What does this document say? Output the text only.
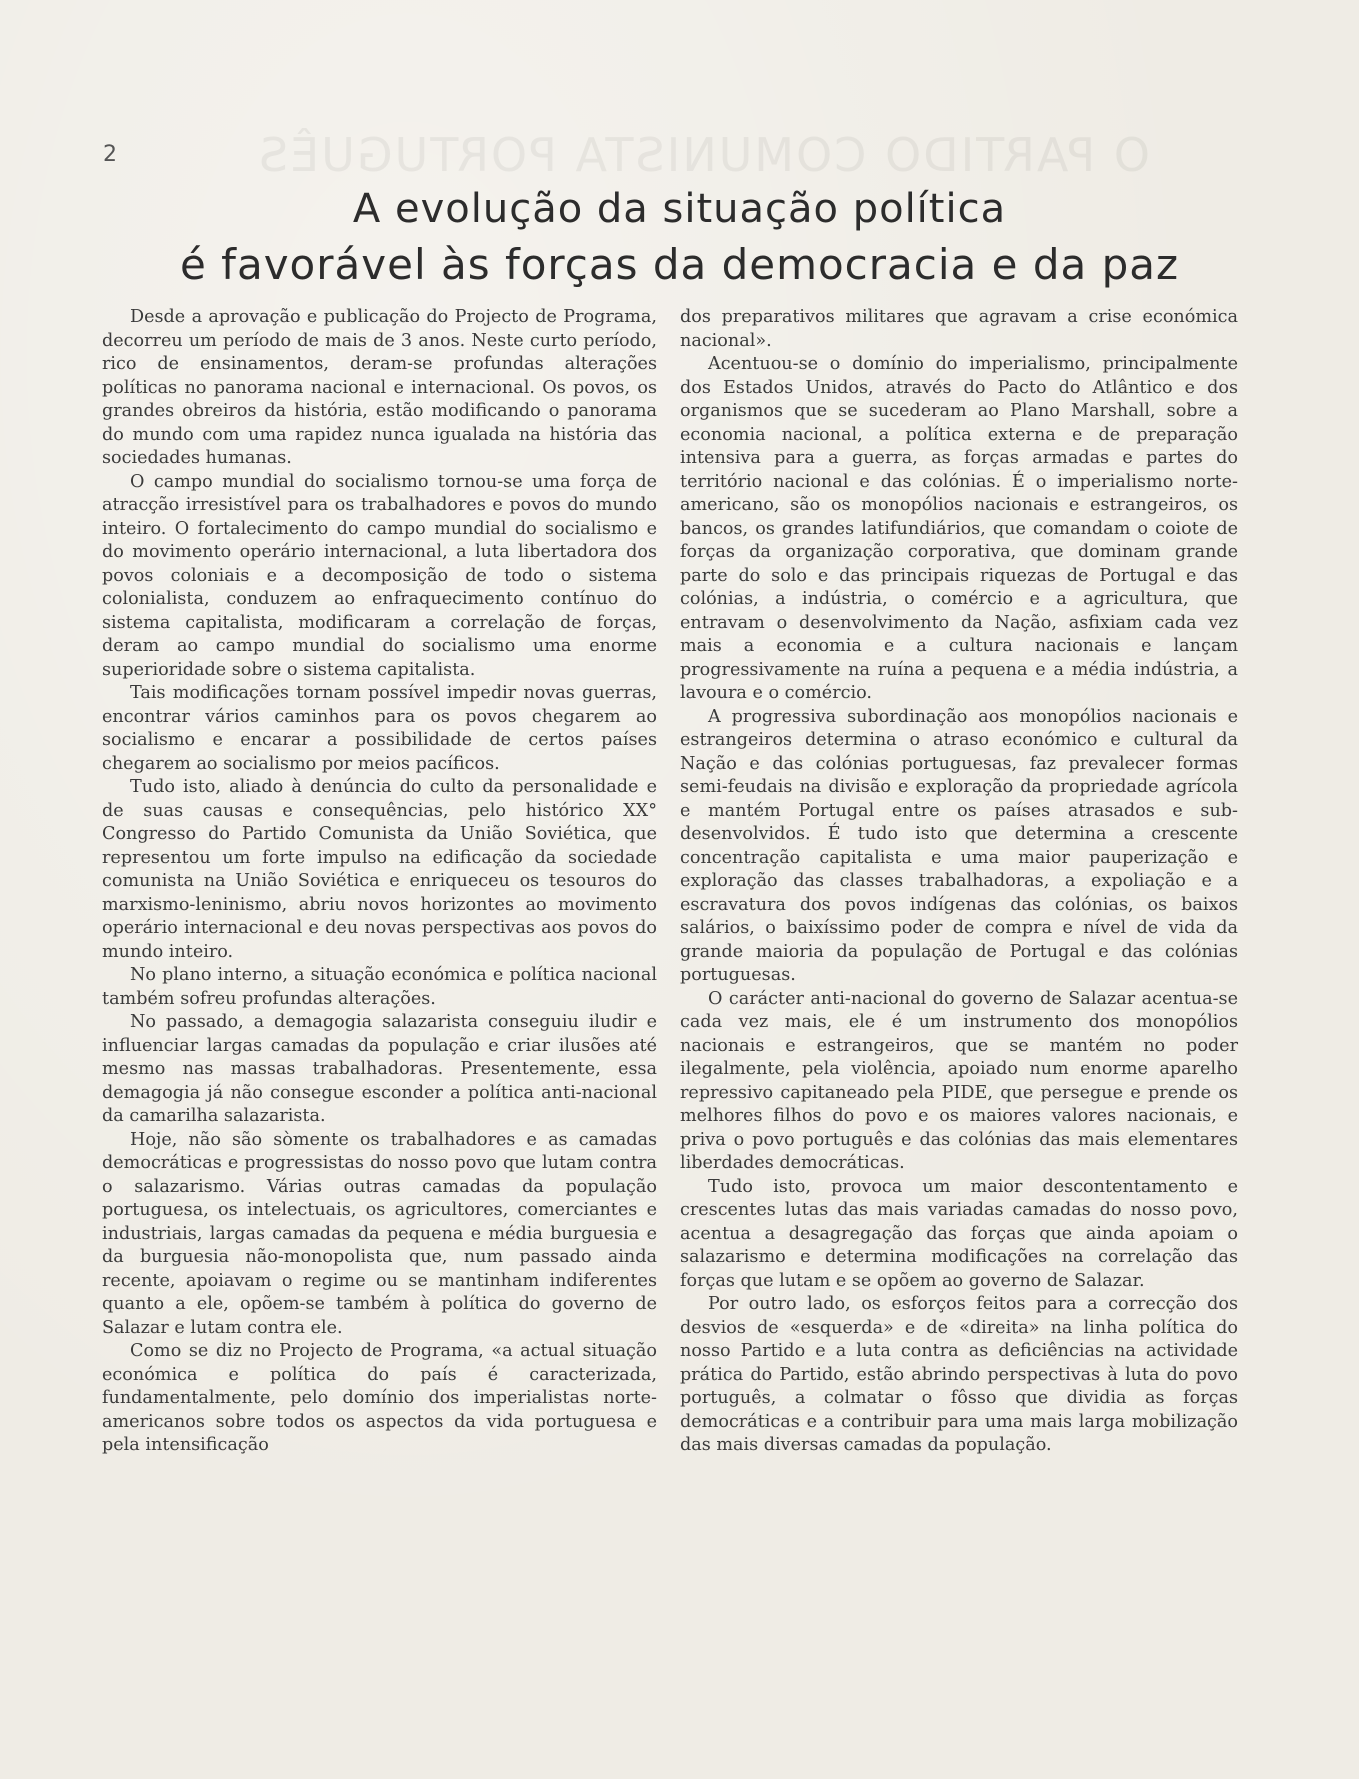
O PARTIDO COMUNISTA PORTUGUÊS
2
A evolução da situação política
é favorável às forças da democracia e da paz

Desde a aprovação e publicação do Projecto de Programa, decorreu um período de mais de 3 anos. Neste curto período, rico de ensinamentos, deram-se profundas alterações políticas no panorama nacional e internacional. Os povos, os grandes obreiros da história, estão modificando o panorama do mundo com uma rapidez nunca igualada na história das sociedades humanas.

O campo mundial do socialismo tornou-se uma força de atracção irresistível para os trabalhadores e povos do mundo inteiro. O fortalecimento do campo mundial do socialismo e do movimento operário internacional, a luta libertadora dos povos coloniais e a decomposição de todo o sistema colonialista, conduzem ao enfraquecimento contínuo do sistema capitalista, modificaram a correlação de forças, deram ao campo mundial do socialismo uma enorme superioridade sobre o sistema capitalista.

Tais modificações tornam possível impedir novas guerras, encontrar vários caminhos para os povos chegarem ao socialismo e encarar a possibilidade de certos países chegarem ao socialismo por meios pacíficos.

Tudo isto, aliado à denúncia do culto da personalidade e de suas causas e consequências, pelo histórico XX° Congresso do Partido Comunista da União Soviética, que representou um forte impulso na edificação da sociedade comunista na União Soviética e enriqueceu os tesouros do marxismo-leninismo, abriu novos horizontes ao movimento operário internacional e deu novas perspectivas aos povos do mundo inteiro.

No plano interno, a situação económica e política nacional também sofreu profundas alterações.

No passado, a demagogia salazarista conseguiu iludir e influenciar largas camadas da população e criar ilusões até mesmo nas massas trabalhadoras. Presentemente, essa demagogia já não consegue esconder a política anti-nacional da camarilha salazarista.

Hoje, não são sòmente os trabalhadores e as camadas democráticas e progressistas do nosso povo que lutam contra o salazarismo. Várias outras camadas da população portuguesa, os intelectuais, os agricultores, comerciantes e industriais, largas camadas da pequena e média burguesia e da burguesia não-monopolista que, num passado ainda recente, apoiavam o regime ou se mantinham indiferentes quanto a ele, opõem-se também à política do governo de Salazar e lutam contra ele.

Como se diz no Projecto de Programa, «a actual situação económica e política do país é caracterizada, fundamentalmente, pelo domínio dos imperialistas norte-americanos sobre todos os aspectos da vida portuguesa e pela intensificação

dos preparativos militares que agravam a crise económica nacional».

Acentuou-se o domínio do imperialismo, principalmente dos Estados Unidos, através do Pacto do Atlântico e dos organismos que se sucederam ao Plano Marshall, sobre a economia nacional, a política externa e de preparação intensiva para a guerra, as forças armadas e partes do território nacional e das colónias. É o imperialismo norte-americano, são os monopólios nacionais e estrangeiros, os bancos, os grandes latifundiários, que comandam o coiote de forças da organização corporativa, que dominam grande parte do solo e das principais riquezas de Portugal e das colónias, a indústria, o comércio e a agricultura, que entravam o desenvolvimento da Nação, asfixiam cada vez mais a economia e a cultura nacionais e lançam progressivamente na ruína a pequena e a média indústria, a lavoura e o comércio.

A progressiva subordinação aos monopólios nacionais e estrangeiros determina o atraso económico e cultural da Nação e das colónias portuguesas, faz prevalecer formas semi-feudais na divisão e exploração da propriedade agrícola e mantém Portugal entre os países atrasados e sub-desenvolvidos. É tudo isto que determina a crescente concentração capitalista e uma maior pauperização e exploração das classes trabalhadoras, a expoliação e a escravatura dos povos indígenas das colónias, os baixos salários, o baixíssimo poder de compra e nível de vida da grande maioria da população de Portugal e das colónias portuguesas.

O carácter anti-nacional do governo de Salazar acentua-se cada vez mais, ele é um instrumento dos monopólios nacionais e estrangeiros, que se mantém no poder ilegalmente, pela violência, apoiado num enorme aparelho repressivo capitaneado pela PIDE, que persegue e prende os melhores filhos do povo e os maiores valores nacionais, e priva o povo português e das colónias das mais elementares liberdades democráticas.

Tudo isto, provoca um maior descontentamento e crescentes lutas das mais variadas camadas do nosso povo, acentua a desagregação das forças que ainda apoiam o salazarismo e determina modificações na correlação das forças que lutam e se opõem ao governo de Salazar.

Por outro lado, os esforços feitos para a correcção dos desvios de «esquerda» e de «direita» na linha política do nosso Partido e a luta contra as deficiências na actividade prática do Partido, estão abrindo perspectivas à luta do povo português, a colmatar o fôsso que dividia as forças democráticas e a contribuir para uma mais larga mobilização das mais diversas camadas da população.
